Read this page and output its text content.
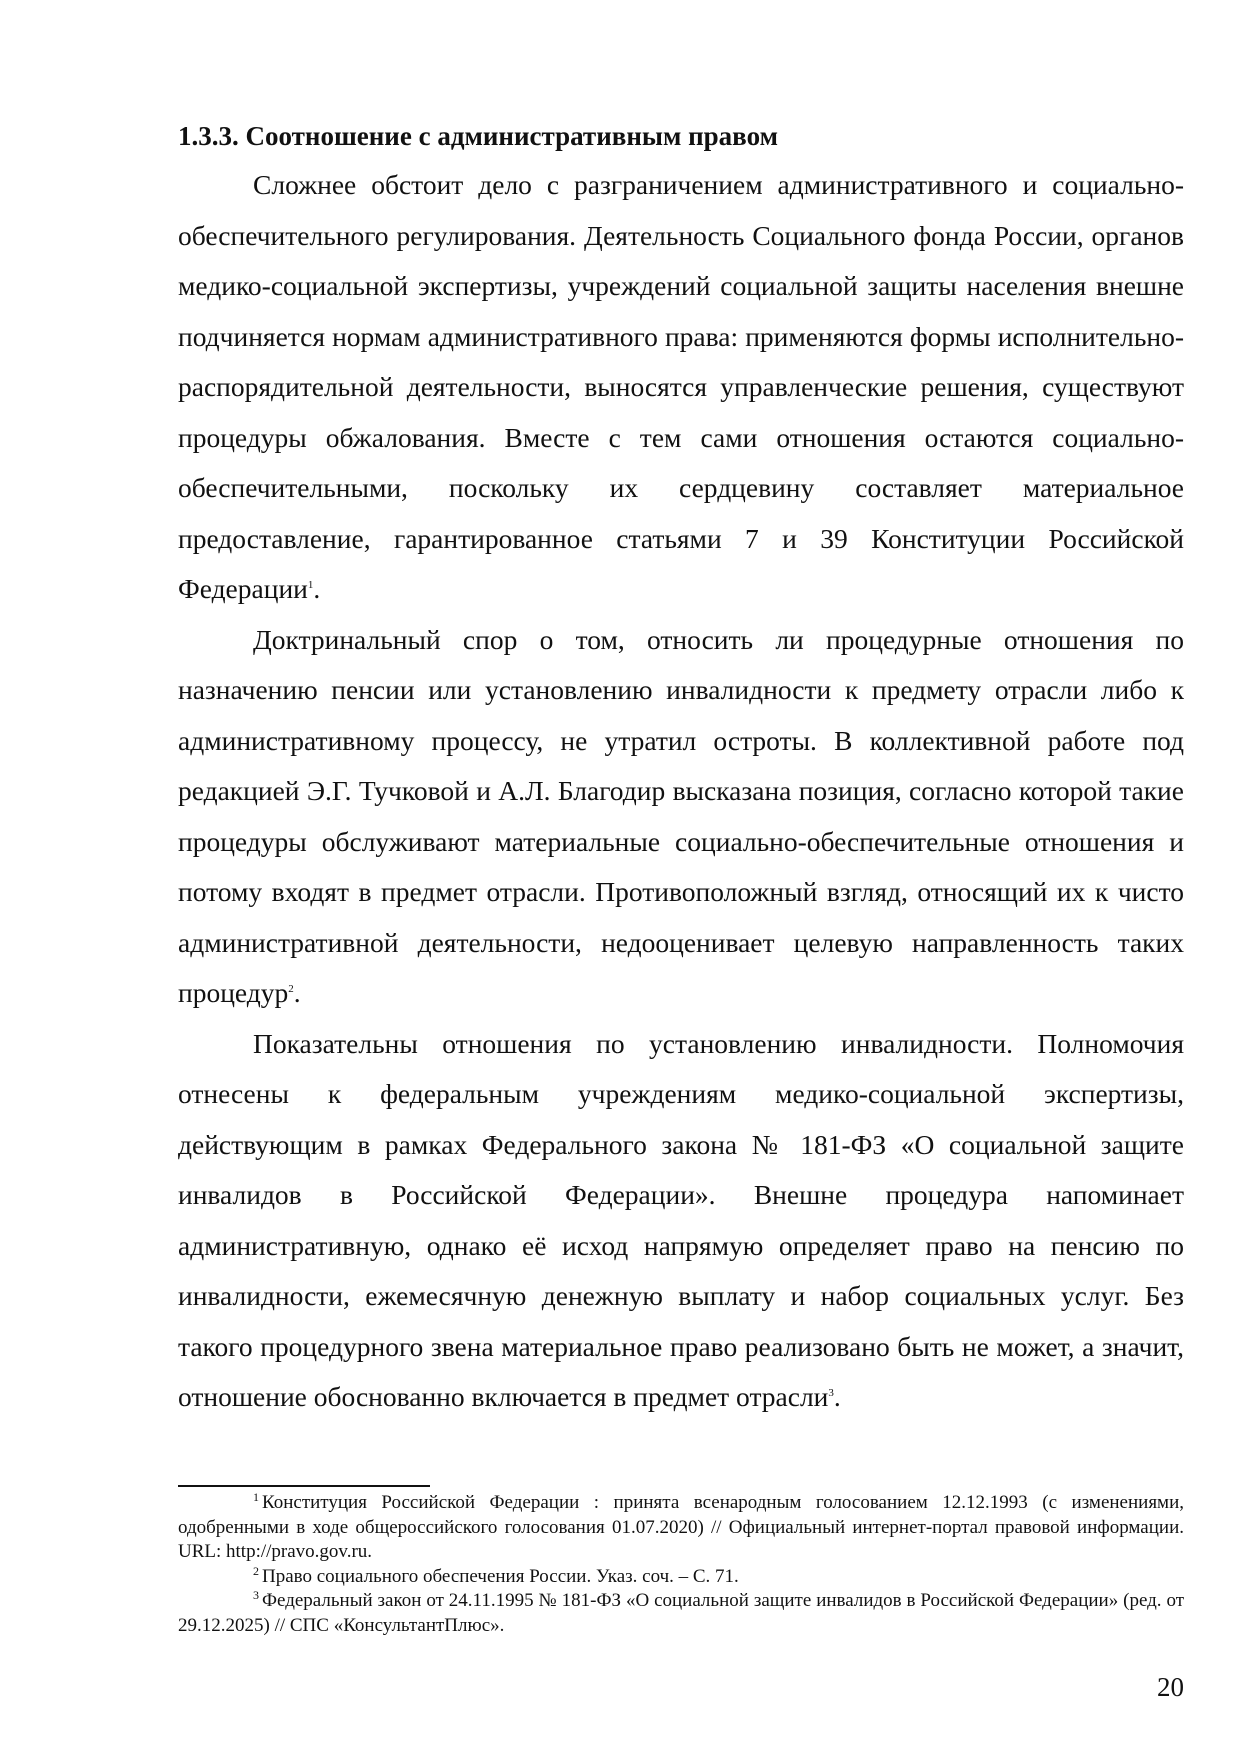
1.3.3. Соотношение с административным правом

Сложнее обстоит дело с разграничением административного и социально-обеспечительного регулирования. Деятельность Социального фонда России, органов медико-социальной экспертизы, учреждений социальной защиты населения внешне подчиняется нормам административного права: применяются формы исполнительно-распорядительной деятельности, выносятся управленческие решения, существуют процедуры обжалования. Вместе с тем сами отношения остаются социально-обеспечительными, поскольку их сердцевину составляет материальное предоставление, гарантированное статьями 7 и 39 Конституции Российской Федерации$^1$.

Доктринальный спор о том, относить ли процедурные отношения по назначению пенсии или установлению инвалидности к предмету отрасли либо к административному процессу, не утратил остроты. В коллективной работе под редакцией Э.Г. Тучковой и А.Л. Благодир высказана позиция, согласно которой такие процедуры обслуживают материальные социально-обеспечительные отношения и потому входят в предмет отрасли. Противоположный взгляд, относящий их к чисто административной деятельности, недооценивает целевую направленность таких процедур$^2$.

Показательны отношения по установлению инвалидности. Полномочия отнесены к федеральным учреждениям медико-социальной экспертизы, действующим в рамках Федерального закона № 181-ФЗ «О социальной защите инвалидов в Российской Федерации». Внешне процедура напоминает административную, однако её исход напрямую определяет право на пенсию по инвалидности, ежемесячную денежную выплату и набор социальных услуг. Без такого процедурного звена материальное право реализовано быть не может, а значит, отношение обоснованно включается в предмет отрасли$^3$.

$^1$ Конституция Российской Федерации : принята всенародным голосованием 12.12.1993 (с изменениями, одобренными в ходе общероссийского голосования 01.07.2020) // Официальный интернет-портал правовой информации. URL: http://pravo.gov.ru.

$^2$ Право социального обеспечения России. Указ. соч. – С. 71.

$^3$ Федеральный закон от 24.11.1995 № 181-ФЗ «О социальной защите инвалидов в Российской Федерации» (ред. от 29.12.2025) // СПС «КонсультантПлюс».

20
